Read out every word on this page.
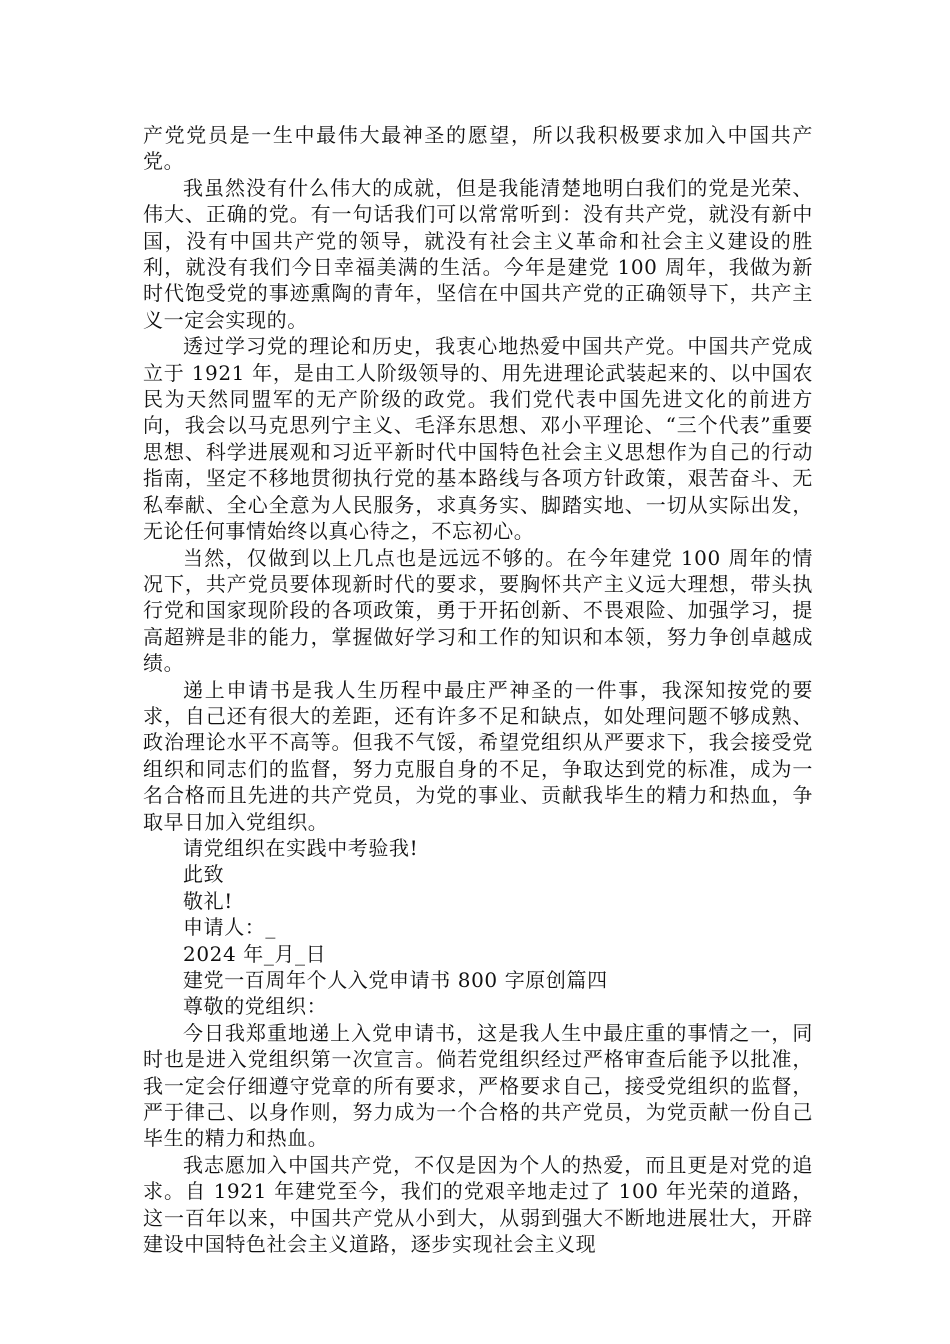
产党党员是一生中最伟大最神圣的愿望，所以我积极要求加入中国共产党。

我虽然没有什么伟大的成就，但是我能清楚地明白我们的党是光荣、伟大、正确的党。有一句话我们可以常常听到：没有共产党，就没有新中国，没有中国共产党的领导，就没有社会主义革命和社会主义建设的胜利，就没有我们今日幸福美满的生活。今年是建党 100 周年，我做为新时代饱受党的事迹熏陶的青年，坚信在中国共产党的正确领导下，共产主义一定会实现的。

透过学习党的理论和历史，我衷心地热爱中国共产党。中国共产党成立于 1921 年，是由工人阶级领导的、用先进理论武装起来的、以中国农民为天然同盟军的无产阶级的政党。我们党代表中国先进文化的前进方向，我会以马克思列宁主义、毛泽东思想、邓小平理论、“三个代表”重要思想、科学进展观和习近平新时代中国特色社会主义思想作为自己的行动指南，坚定不移地贯彻执行党的基本路线与各项方针政策，艰苦奋斗、无私奉献、全心全意为人民服务，求真务实、脚踏实地、一切从实际出发，无论任何事情始终以真心待之，不忘初心。

当然，仅做到以上几点也是远远不够的。在今年建党 100 周年的情况下，共产党员要体现新时代的要求，要胸怀共产主义远大理想，带头执行党和国家现阶段的各项政策，勇于开拓创新、不畏艰险、加强学习，提高超辨是非的能力，掌握做好学习和工作的知识和本领，努力争创卓越成绩。

递上申请书是我人生历程中最庄严神圣的一件事，我深知按党的要求，自己还有很大的差距，还有许多不足和缺点，如处理问题不够成熟、政治理论水平不高等。但我不气馁，希望党组织从严要求下，我会接受党组织和同志们的监督，努力克服自身的不足，争取达到党的标准，成为一名合格而且先进的共产党员，为党的事业、贡献我毕生的精力和热血，争取早日加入党组织。

请党组织在实践中考验我!

此致

敬礼!

申请人：_

2024 年_月_日

建党一百周年个人入党申请书 800 字原创篇四

尊敬的党组织：

今日我郑重地递上入党申请书，这是我人生中最庄重的事情之一，同时也是进入党组织第一次宣言。倘若党组织经过严格审查后能予以批准，我一定会仔细遵守党章的所有要求，严格要求自己，接受党组织的监督，严于律己、以身作则，努力成为一个合格的共产党员，为党贡献一份自己毕生的精力和热血。

我志愿加入中国共产党，不仅是因为个人的热爱，而且更是对党的追求。自 1921 年建党至今，我们的党艰辛地走过了 100 年光荣的道路，这一百年以来，中国共产党从小到大，从弱到强大不断地进展壮大，开辟建设中国特色社会主义道路，逐步实现社会主义现
